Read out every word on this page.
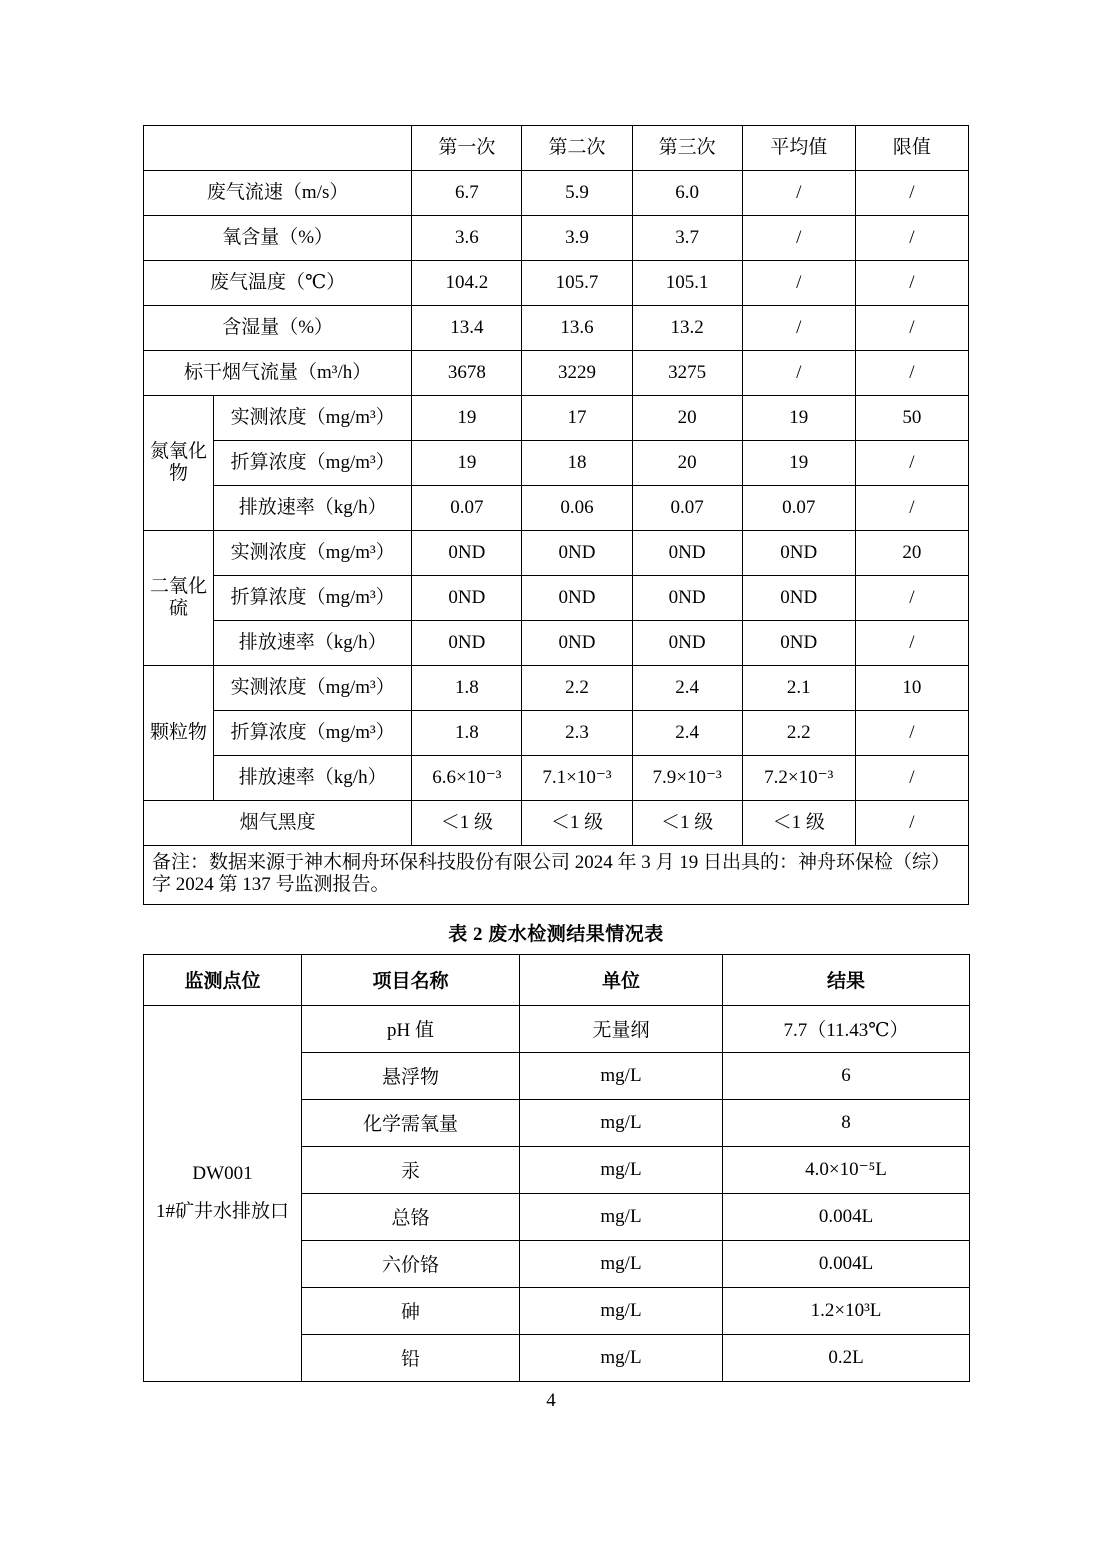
		第一次	第二次	第三次	平均值	限值
废气流速（m/s）		6.7	5.9	6.0	/	/
氧含量（%）		3.6	3.9	3.7	/	/
废气温度（℃）		104.2	105.7	105.1	/	/
含湿量（%）		13.4	13.6	13.2	/	/
标干烟气流量（m³/h）		3678	3229	3275	/	/
氮氧化物	实测浓度（mg/m³）	19	17	20	19	50
	折算浓度（mg/m³）	19	18	20	19	/
	排放速率（kg/h）	0.07	0.06	0.07	0.07	/
二氧化硫	实测浓度（mg/m³）	0ND	0ND	0ND	0ND	20
	折算浓度（mg/m³）	0ND	0ND	0ND	0ND	/
	排放速率（kg/h）	0ND	0ND	0ND	0ND	/
颗粒物	实测浓度（mg/m³）	1.8	2.2	2.4	2.1	10
	折算浓度（mg/m³）	1.8	2.3	2.4	2.2	/
	排放速率（kg/h）	6.6×10⁻³	7.1×10⁻³	7.9×10⁻³	7.2×10⁻³	/
烟气黑度		＜1 级	＜1 级	＜1 级	＜1 级	/
备注：数据来源于神木桐舟环保科技股份有限公司 2024 年 3 月 19 日出具的：神舟环保检（综）字 2024 第 137 号监测报告。						
表 2 废水检测结果情况表
监测点位	项目名称	单位	结果

DW001
1#矿井水排放口	pH 值	无量纲	7.7（11.43℃）
	悬浮物	mg/L	6
	化学需氧量	mg/L	8
	汞	mg/L	4.0×10⁻⁵L
	总铬	mg/L	0.004L
	六价铬	mg/L	0.004L
	砷	mg/L	1.2×10³L
	铅	mg/L	0.2L
4
